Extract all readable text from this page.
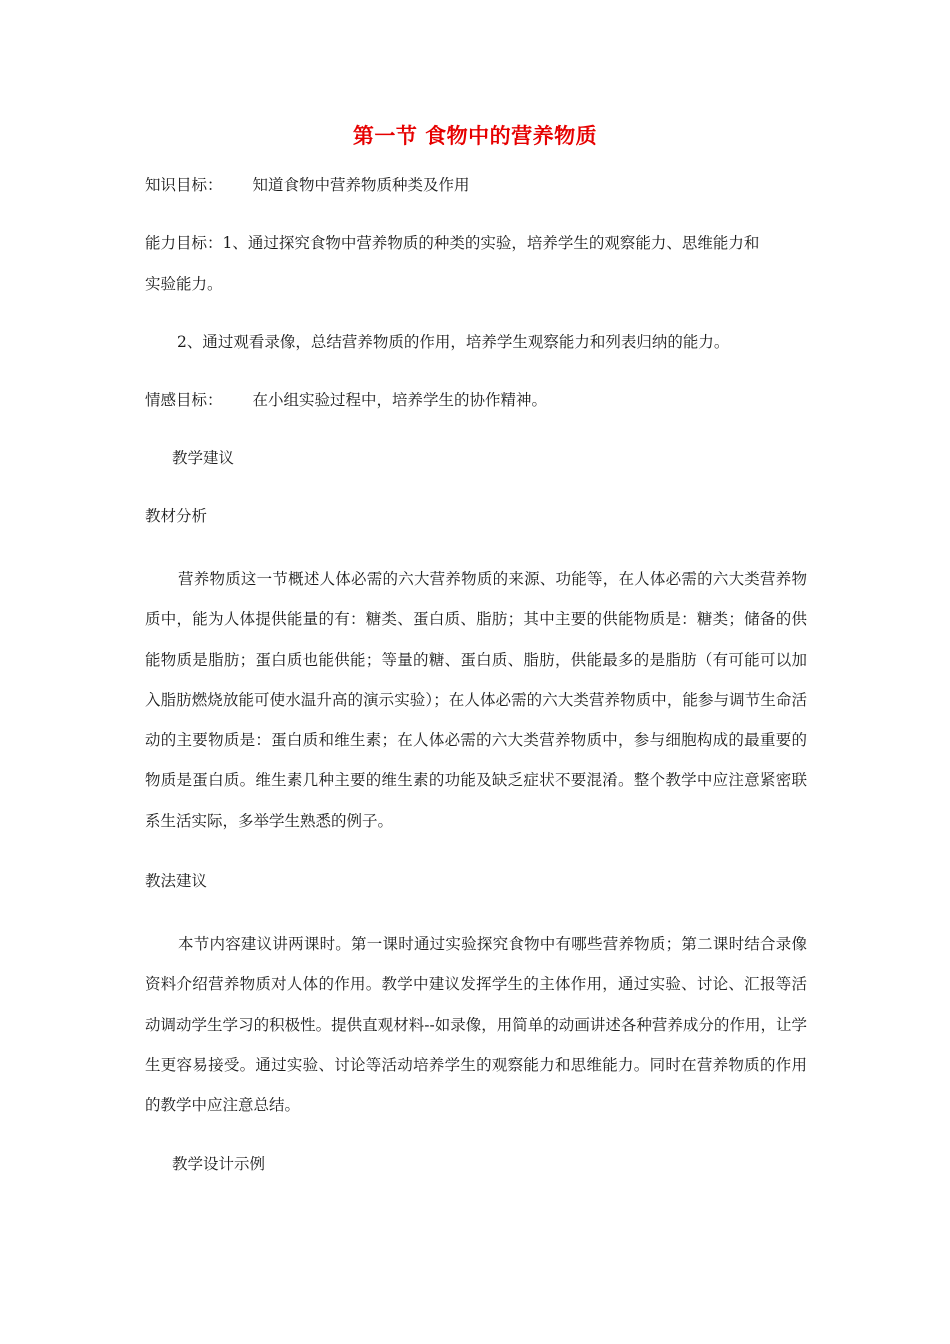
第一节 食物中的营养物质
知识目标： 知道食物中营养物质种类及作用
能力目标：1、通过探究食物中营养物质的种类的实验，培养学生的观察能力、思维能力和
实验能力。
2、通过观看录像，总结营养物质的作用，培养学生观察能力和列表归纳的能力。
情感目标： 在小组实验过程中，培养学生的协作精神。
教学建议
教材分析
营养物质这一节概述人体必需的六大营养物质的来源、功能等，在人体必需的六大类营养物质中，能为人体提供能量的有：糖类、蛋白质、脂肪；其中主要的供能物质是：糖类；储备的供能物质是脂肪；蛋白质也能供能；等量的糖、蛋白质、脂肪，供能最多的是脂肪（有可能可以加入脂肪燃烧放能可使水温升高的演示实验）；在人体必需的六大类营养物质中，能参与调节生命活动的主要物质是：蛋白质和维生素；在人体必需的六大类营养物质中，参与细胞构成的最重要的物质是蛋白质。维生素几种主要的维生素的功能及缺乏症状不要混淆。整个教学中应注意紧密联系生活实际，多举学生熟悉的例子。
教法建议
本节内容建议讲两课时。第一课时通过实验探究食物中有哪些营养物质；第二课时结合录像资料介绍营养物质对人体的作用。教学中建议发挥学生的主体作用，通过实验、讨论、汇报等活动调动学生学习的积极性。提供直观材料--如录像，用简单的动画讲述各种营养成分的作用，让学生更容易接受。通过实验、讨论等活动培养学生的观察能力和思维能力。同时在营养物质的作用的教学中应注意总结。
教学设计示例
